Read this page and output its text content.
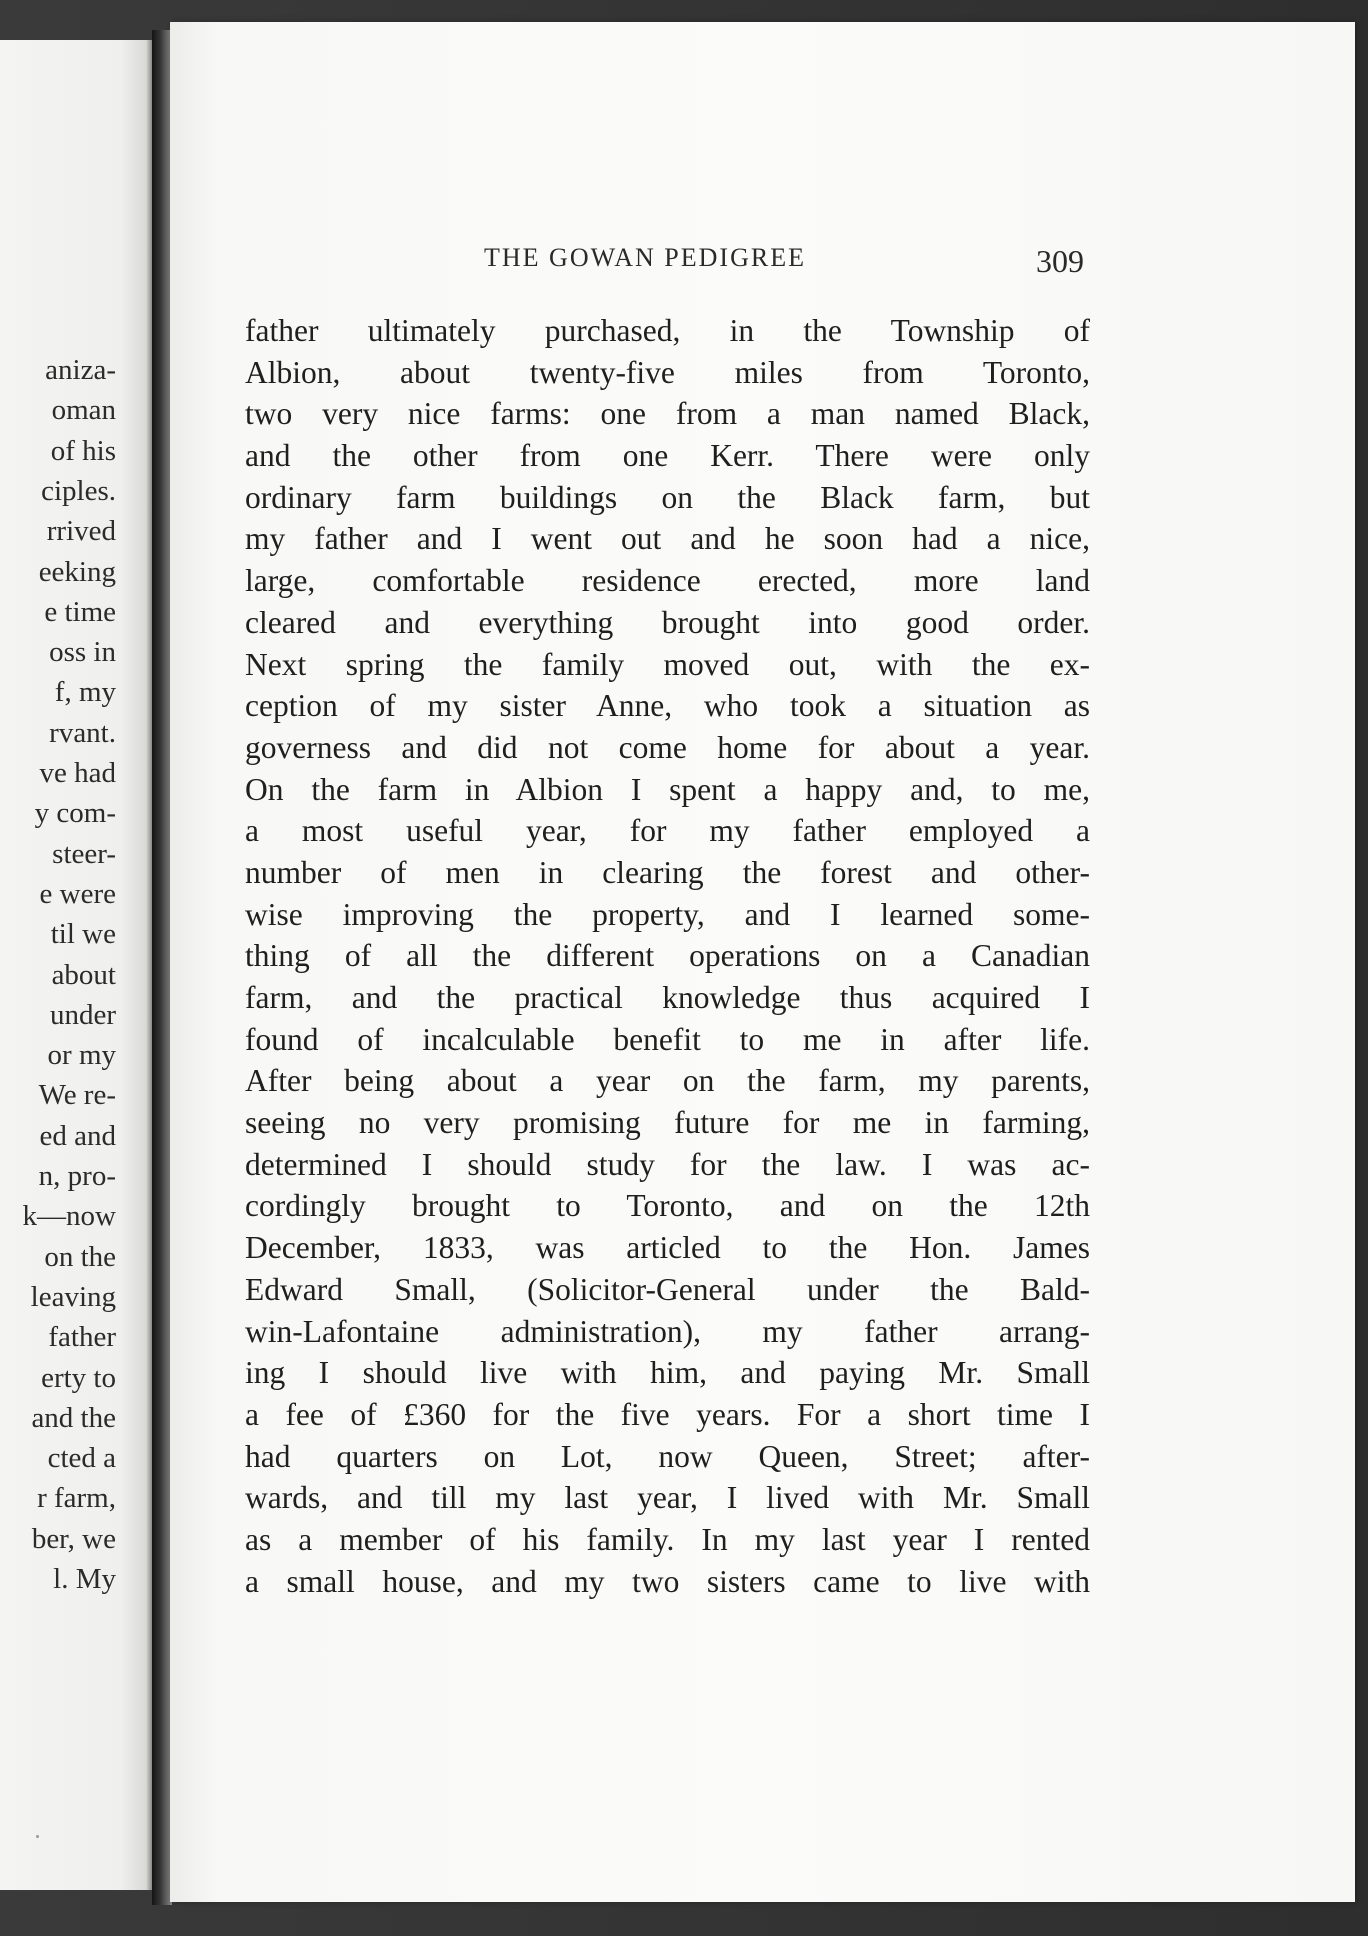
aniza-
oman
of his
ciples.
rrived
eeking
e time
oss in
f, my
rvant.
ve had
y com-
steer-
e were
til we
about
under
or my
We re-
ed and
n, pro-
k—now
on the
leaving
father
erty to
and the
cted a
r farm,
ber, we
l. My
THE GOWAN PEDIGREE	309
father ultimately purchased, in the Township of
Albion, about twenty-five miles from Toronto,
two very nice farms: one from a man named Black,
and the other from one Kerr. There were only
ordinary farm buildings on the Black farm, but
my father and I went out and he soon had a nice,
large, comfortable residence erected, more land
cleared and everything brought into good order.
Next spring the family moved out, with the ex-
ception of my sister Anne, who took a situation as
governess and did not come home for about a year.
On the farm in Albion I spent a happy and, to me,
a most useful year, for my father employed a
number of men in clearing the forest and other-
wise improving the property, and I learned some-
thing of all the different operations on a Canadian
farm, and the practical knowledge thus acquired I
found of incalculable benefit to me in after life.
After being about a year on the farm, my parents,
seeing no very promising future for me in farming,
determined I should study for the law. I was ac-
cordingly brought to Toronto, and on the 12th
December, 1833, was articled to the Hon. James
Edward Small, (Solicitor-General under the Bald-
win-Lafontaine administration), my father arrang-
ing I should live with him, and paying Mr. Small
a fee of £360 for the five years. For a short time I
had quarters on Lot, now Queen, Street; after-
wards, and till my last year, I lived with Mr. Small
as a member of his family. In my last year I rented
a small house, and my two sisters came to live with
